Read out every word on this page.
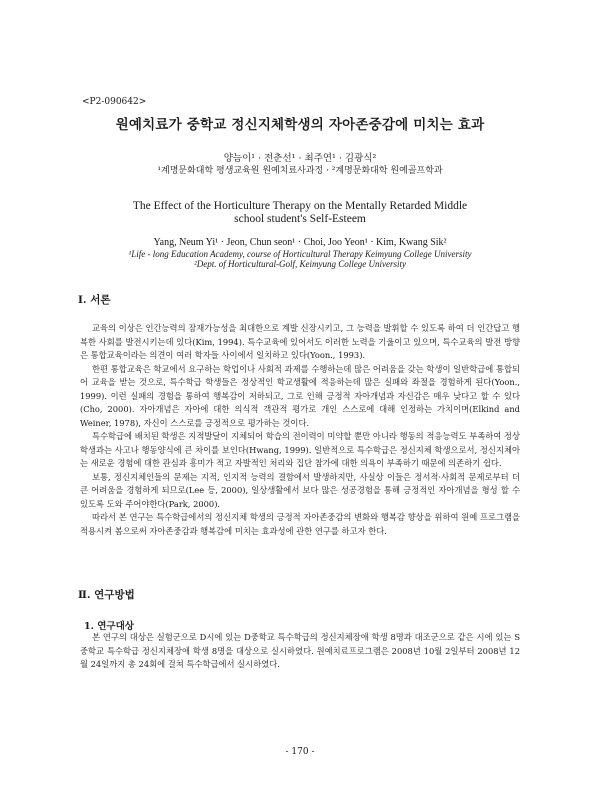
<P2-090642>
원예치료가 중학교 정신지체학생의 자아존중감에 미치는 효과
양늠이¹ · 전춘선¹ · 최주연¹ · 김광식²
¹계명문화대학 평생교육원 원예치료사과정 · ²계명문화대학 원예골프학과
The Effect of the Horticulture Therapy on the Mentally Retarded Middle
school student's Self-Esteem
Yang, Neum Yi¹ · Jeon, Chun seon¹ · Choi, Joo Yeon¹ · Kim, Kwang Sik²
¹Life - long Education Academy, course of Horticultural Therapy Keimyung College University
²Dept. of Horticultural-Golf, Keimyung College University
Ⅰ. 서론

교육의 이상은 인간능력의 잠재가능성을 최대한으로 계발 신장시키고, 그 능력을 발휘할 수 있도록 하여 더 인간답고 행복한 사회를 발전시키는데 있다(Kim, 1994). 특수교육에 있어서도 이러한 노력을 기울이고 있으며, 특수교육의 발전 방향은 통합교육이라는 의견이 여러 학자들 사이에서 일치하고 있다(Yoon., 1993).

한편 통합교육은 학교에서 요구하는 학업이나 사회적 과제를 수행하는데 많은 어려움을 갖는 학생이 일반학급에 통합되어 교육을 받는 것으로, 특수학급 학생들은 정상적인 학교생활에 적응하는데 많은 실패와 좌절을 경험하게 된다(Yoon., 1999). 이런 실패의 경험을 통하여 행복감이 저하되고, 그로 인해 긍정적 자아개념과 자신감은 매우 낮다고 할 수 있다(Cho, 2000). 자아개념은 자아에 대한 의식적 객관적 평가로 개인 스스로에 대해 인정하는 가치이며(Elkind and Weiner, 1978), 자신이 스스로를 긍정적으로 평가하는 것이다.

특수학급에 배치된 학생은 지적발달이 지체되어 학습의 전이력이 미약할 뿐만 아니라 행동의 적응능력도 부족하여 정상학생과는 사고나 행동양식에 큰 차이를 보인다(Hwang, 1999). 일반적으로 특수학급은 정신지체 학생으로서, 정신지체아는 새로운 경험에 대한 관심과 흥미가 적고 자발적인 처리와 집단 참가에 대한 의욕이 부족하기 때문에 의존하기 쉽다.

보통, 정신지체인들의 문제는 지적, 인지적 능력의 결함에서 발생하지만, 사실상 이들은 정서적·사회적 문제로부터 더 큰 어려움을 경험하게 되므로(Lee 등, 2000), 일상생활에서 보다 많은 성공경험을 통해 긍정적인 자아개념을 형성 할 수 있도록 도와 주어야한다(Park, 2000).

따라서 본 연구는 특수학급에서의 정신지체 학생의 긍정적 자아존중감의 변화와 행복감 향상을 위하여 원예 프로그램을 적용시켜 봄으로써 자아존중감과 행복감에 미치는 효과성에 관한 연구를 하고자 한다.

Ⅱ. 연구방법
1. 연구대상

본 연구의 대상은 실험군으로 D시에 있는 D중학교 특수학급의 정신지체장애 학생 8명과 대조군으로 같은 시에 있는 S중학교 특수학급 정신지체장애 학생 8명을 대상으로 실시하였다. 원예치료프로그램은 2008년 10월 2일부터 2008년 12월 24일까지 총 24회에 걸쳐 특수학급에서 실시하였다.

- 170 -
